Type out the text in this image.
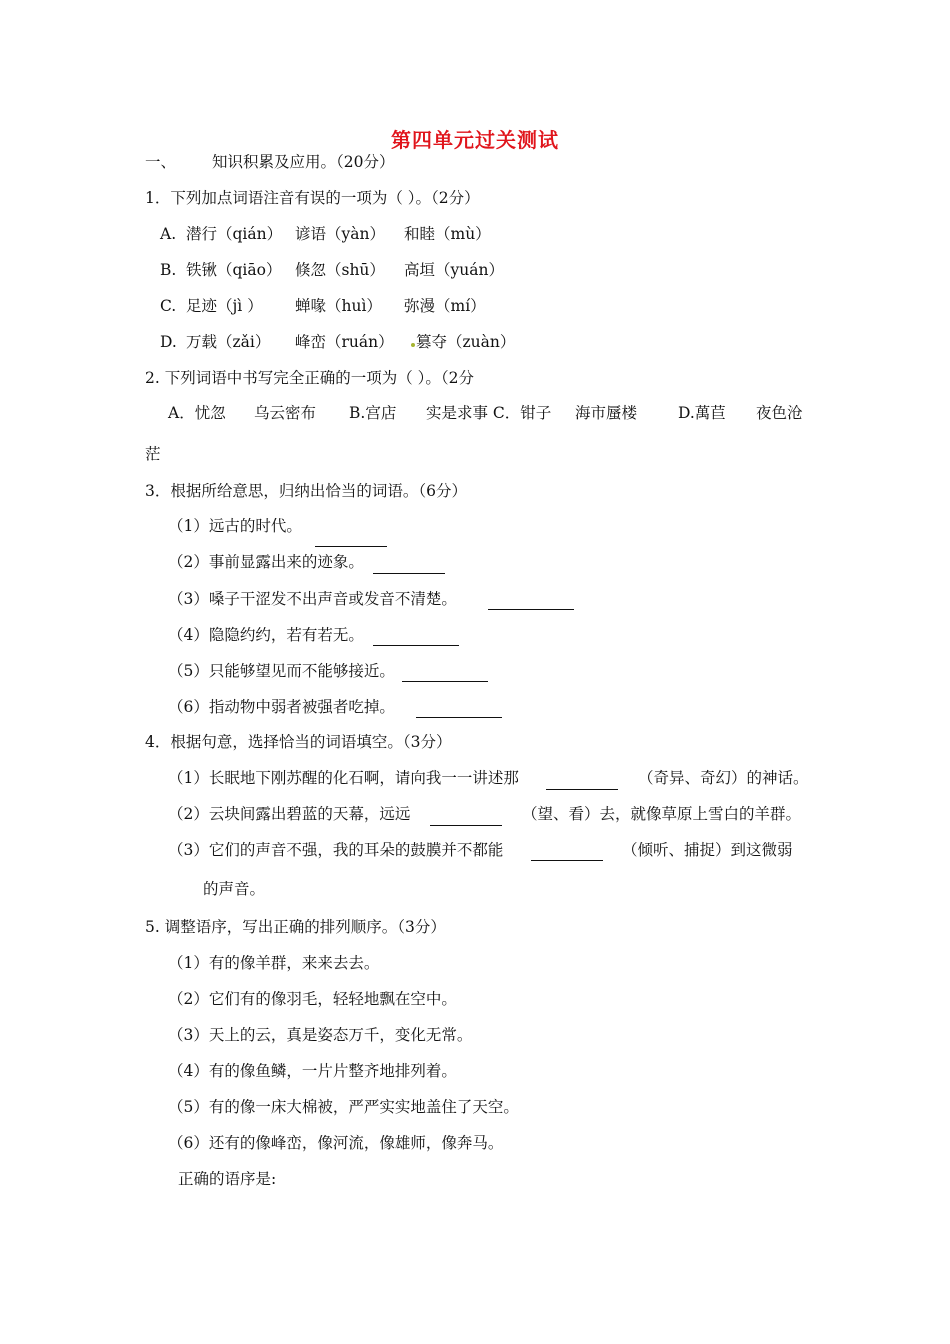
第四单元过关测试
一、 知识积累及应用。（20分）
1．下列加点词语注音有误的一项为（ ）。（2分）
A. 潜行（qián） 谚语（yàn） 和睦（mù）
B. 铁锹（qiāo） 倏忽（shū） 高垣（yuán）
C. 足迹（jì ） 蝉喙（huì） 弥漫（mí）
D. 万载（zǎi） 峰峦（ruán） 篡夺（zuàn）
2. 下列词语中书写完全正确的一项为（ ）。（2分
A．忧忽 乌云密布 B.宫店 实是求事 C．钳子 海市蜃楼	D.萬苣 夜色沧
茫
3．根据所给意思，归纳出恰当的词语。（6分）
（1）远古的时代。
（2）事前显露出来的迹象。
（3）嗓子干涩发不出声音或发音不清楚。
（4）隐隐约约，若有若无。
（5）只能够望见而不能够接近。
（6）指动物中弱者被强者吃掉。
4．根据句意，选择恰当的词语填空。（3分）
（1）长眠地下刚苏醒的化石啊，请向我一一讲述那	（奇异、奇幻）的神话。
（2）云块间露出碧蓝的天幕，远远	（望、看）去，就像草原上雪白的羊群。
（3）它们的声音不强，我的耳朵的鼓膜并不都能	（倾听、捕捉）到这微弱
的声音。
5. 调整语序，写出正确的排列顺序。（3分）
（1）有的像羊群，来来去去。
（2）它们有的像羽毛，轻轻地飘在空中。
（3）天上的云，真是姿态万千，变化无常。
（4）有的像鱼鳞，一片片整齐地排列着。
（5）有的像一床大棉被，严严实实地盖住了天空。
（6）还有的像峰峦，像河流，像雄师，像奔马。
正确的语序是:
